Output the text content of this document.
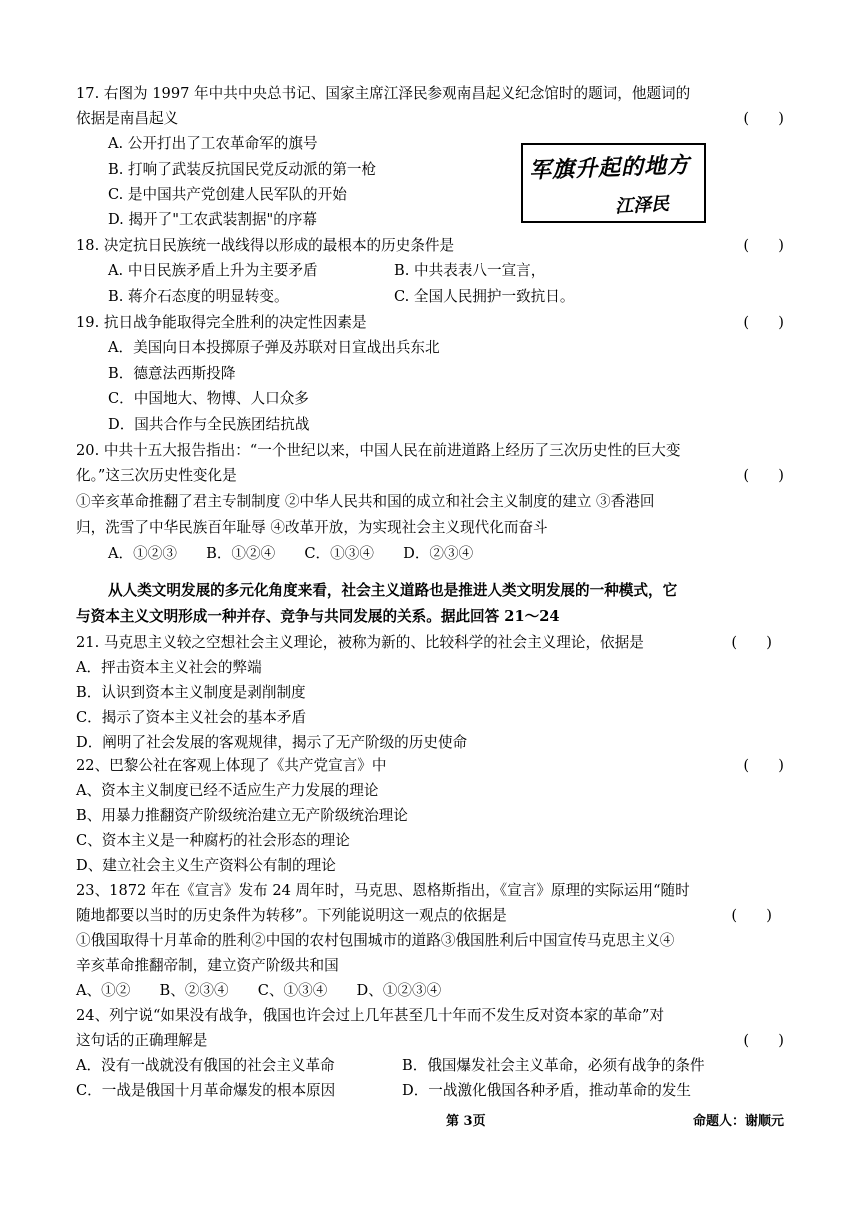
军旗升起的地方
江泽民
17. 右图为 1997 年中共中央总书记、国家主席江泽民参观南昌起义纪念馆时的题词，他题词的
依据是南昌起义	(　　)
A. 公开打出了工农革命军的旗号
B. 打响了武装反抗国民党反动派的第一枪
C. 是中国共产党创建人民军队的开始
D. 揭开了"工农武装割据"的序幕
18. 决定抗日民族统一战线得以形成的最根本的历史条件是	(　　)
A. 中日民族矛盾上升为主要矛盾	B. 中共表表八一宣言，
B. 蒋介石态度的明显转变。	C. 全国人民拥护一致抗日。
19. 抗日战争能取得完全胜利的决定性因素是	(　　)
A．美国向日本投掷原子弹及苏联对日宣战出兵东北
B．德意法西斯投降
C．中国地大、物博、人口众多
D．国共合作与全民族团结抗战
20. 中共十五大报告指出：“一个世纪以来，中国人民在前进道路上经历了三次历史性的巨大变
化。”这三次历史性变化是	(　　)
①辛亥革命推翻了君主专制制度 ②中华人民共和国的成立和社会主义制度的建立 ③香港回
归，洗雪了中华民族百年耻辱 ④改革开放，为实现社会主义现代化而奋斗
A．①②③　　B．①②④　　C．①③④　　D．②③④
从人类文明发展的多元化角度来看，社会主义道路也是推进人类文明发展的一种模式，它
与资本主义文明形成一种并存、竞争与共同发展的关系。据此回答 21～24
21. 马克思主义较之空想社会主义理论，被称为新的、比较科学的社会主义理论，依据是	(　　)
A．抨击资本主义社会的弊端
B．认识到资本主义制度是剥削制度
C．揭示了资本主义社会的基本矛盾
D．阐明了社会发展的客观规律，揭示了无产阶级的历史使命
22、巴黎公社在客观上体现了《共产党宣言》中	(　　)
A、资本主义制度已经不适应生产力发展的理论
B、用暴力推翻资产阶级统治建立无产阶级统治理论
C、资本主义是一种腐朽的社会形态的理论
D、建立社会主义生产资料公有制的理论
23、1872 年在《宣言》发布 24 周年时，马克思、恩格斯指出，《宣言》原理的实际运用“随时
随地都要以当时的历史条件为转移”。下列能说明这一观点的依据是	(　　)
①俄国取得十月革命的胜利②中国的农村包围城市的道路③俄国胜利后中国宣传马克思主义④
辛亥革命推翻帝制，建立资产阶级共和国
A、①②　　B、②③④　　C、①③④　　D、①②③④
24、列宁说“如果没有战争，俄国也许会过上几年甚至几十年而不发生反对资本家的革命”对
这句话的正确理解是	(　　)
A．没有一战就没有俄国的社会主义革命	B．俄国爆发社会主义革命，必须有战争的条件
C．一战是俄国十月革命爆发的根本原因	D．一战激化俄国各种矛盾，推动革命的发生
第 3页	命题人：谢顺元
